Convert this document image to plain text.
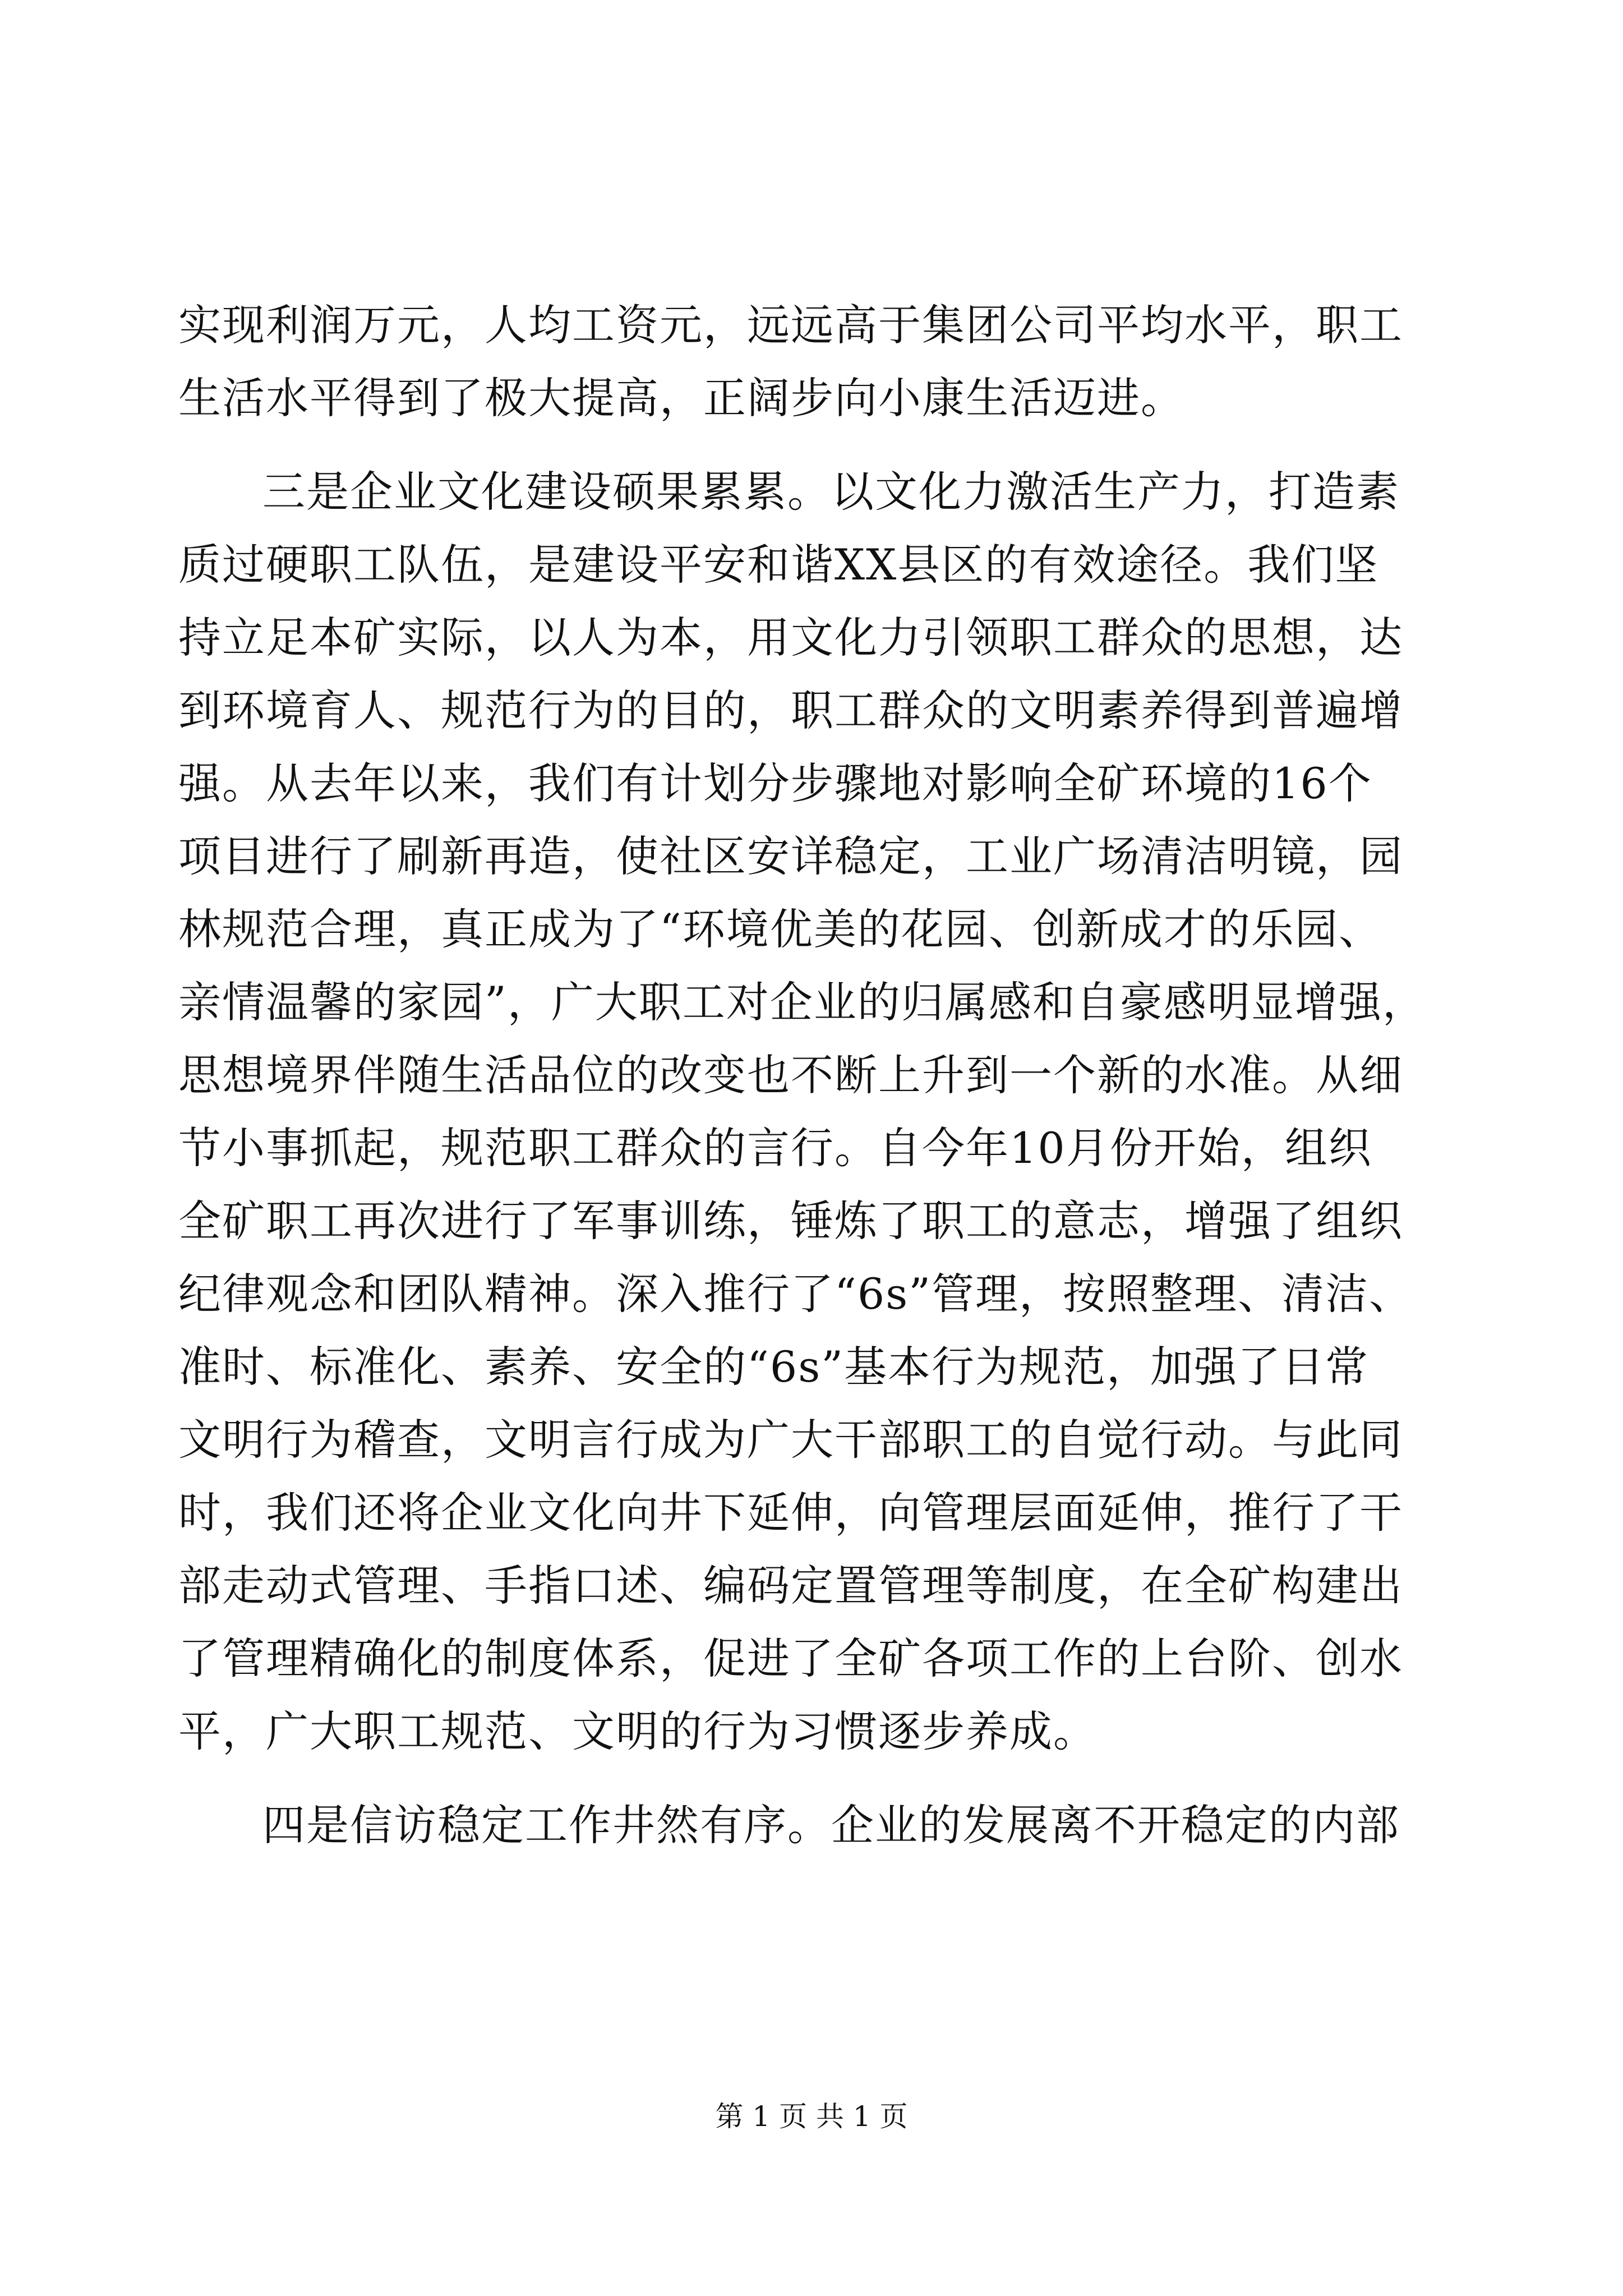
实现利润万元，人均工资元，远远高于集团公司平均水平，职工
生活水平得到了极大提高，正阔步向小康生活迈进。
三是企业文化建设硕果累累。以文化力激活生产力，打造素
质过硬职工队伍，是建设平安和谐XX县区的有效途径。我们坚
持立足本矿实际，以人为本，用文化力引领职工群众的思想，达
到环境育人、规范行为的目的，职工群众的文明素养得到普遍增
强。从去年以来，我们有计划分步骤地对影响全矿环境的16个
项目进行了刷新再造，使社区安详稳定，工业广场清洁明镜，园
林规范合理，真正成为了“环境优美的花园、创新成才的乐园、
亲情温馨的家园”，广大职工对企业的归属感和自豪感明显增强，
思想境界伴随生活品位的改变也不断上升到一个新的水准。从细
节小事抓起，规范职工群众的言行。自今年10月份开始，组织
全矿职工再次进行了军事训练，锤炼了职工的意志，增强了组织
纪律观念和团队精神。深入推行了“6s”管理，按照整理、清洁、
准时、标准化、素养、安全的“6s”基本行为规范，加强了日常
文明行为稽查，文明言行成为广大干部职工的自觉行动。与此同
时，我们还将企业文化向井下延伸，向管理层面延伸，推行了干
部走动式管理、手指口述、编码定置管理等制度，在全矿构建出
了管理精确化的制度体系，促进了全矿各项工作的上台阶、创水
平，广大职工规范、文明的行为习惯逐步养成。
四是信访稳定工作井然有序。企业的发展离不开稳定的内部
第 1 页 共 1 页
